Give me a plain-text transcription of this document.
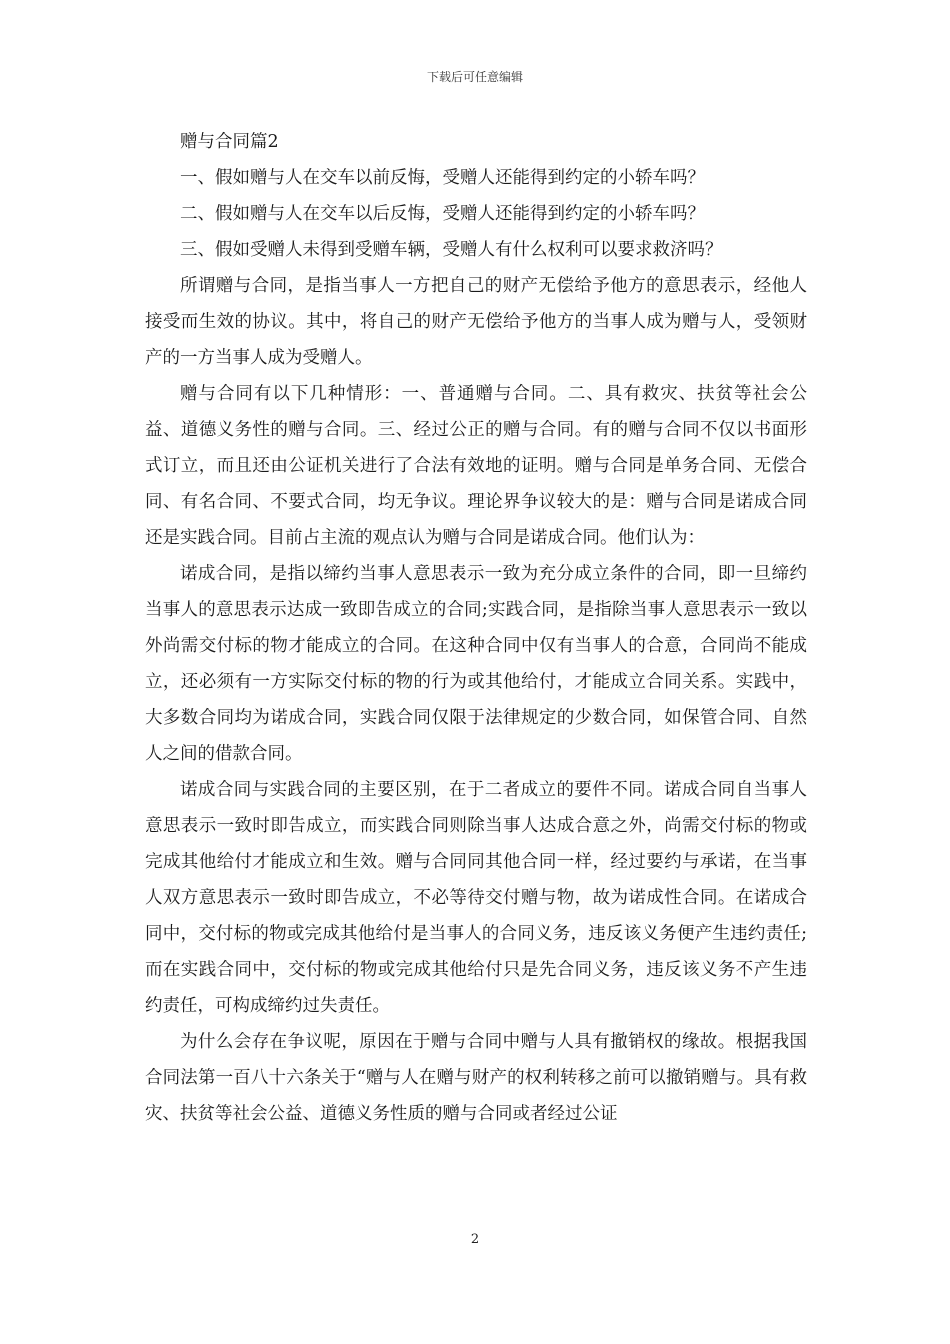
下载后可任意编辑

赠与合同篇2

一、假如赠与人在交车以前反悔，受赠人还能得到约定的小轿车吗？

二、假如赠与人在交车以后反悔，受赠人还能得到约定的小轿车吗？

三、假如受赠人未得到受赠车辆，受赠人有什么权利可以要求救济吗？

所谓赠与合同，是指当事人一方把自己的财产无偿给予他方的意思表示，经他人接受而生效的协议。其中，将自己的财产无偿给予他方的当事人成为赠与人，受领财产的一方当事人成为受赠人。

赠与合同有以下几种情形：一、普通赠与合同。二、具有救灾、扶贫等社会公益、道德义务性的赠与合同。三、经过公正的赠与合同。有的赠与合同不仅以书面形式订立，而且还由公证机关进行了合法有效地的证明。赠与合同是单务合同、无偿合同、有名合同、不要式合同，均无争议。理论界争议较大的是：赠与合同是诺成合同还是实践合同。目前占主流的观点认为赠与合同是诺成合同。他们认为：

诺成合同，是指以缔约当事人意思表示一致为充分成立条件的合同，即一旦缔约当事人的意思表示达成一致即告成立的合同;实践合同，是指除当事人意思表示一致以外尚需交付标的物才能成立的合同。在这种合同中仅有当事人的合意，合同尚不能成立，还必须有一方实际交付标的物的行为或其他给付，才能成立合同关系。实践中，大多数合同均为诺成合同，实践合同仅限于法律规定的少数合同，如保管合同、自然人之间的借款合同。

诺成合同与实践合同的主要区别，在于二者成立的要件不同。诺成合同自当事人意思表示一致时即告成立，而实践合同则除当事人达成合意之外，尚需交付标的物或完成其他给付才能成立和生效。赠与合同同其他合同一样，经过要约与承诺，在当事人双方意思表示一致时即告成立，不必等待交付赠与物，故为诺成性合同。在诺成合同中，交付标的物或完成其他给付是当事人的合同义务，违反该义务便产生违约责任;而在实践合同中，交付标的物或完成其他给付只是先合同义务，违反该义务不产生违约责任，可构成缔约过失责任。

为什么会存在争议呢，原因在于赠与合同中赠与人具有撤销权的缘故。根据我国合同法第一百八十六条关于“赠与人在赠与财产的权利转移之前可以撤销赠与。具有救灾、扶贫等社会公益、道德义务性质的赠与合同或者经过公证

2
